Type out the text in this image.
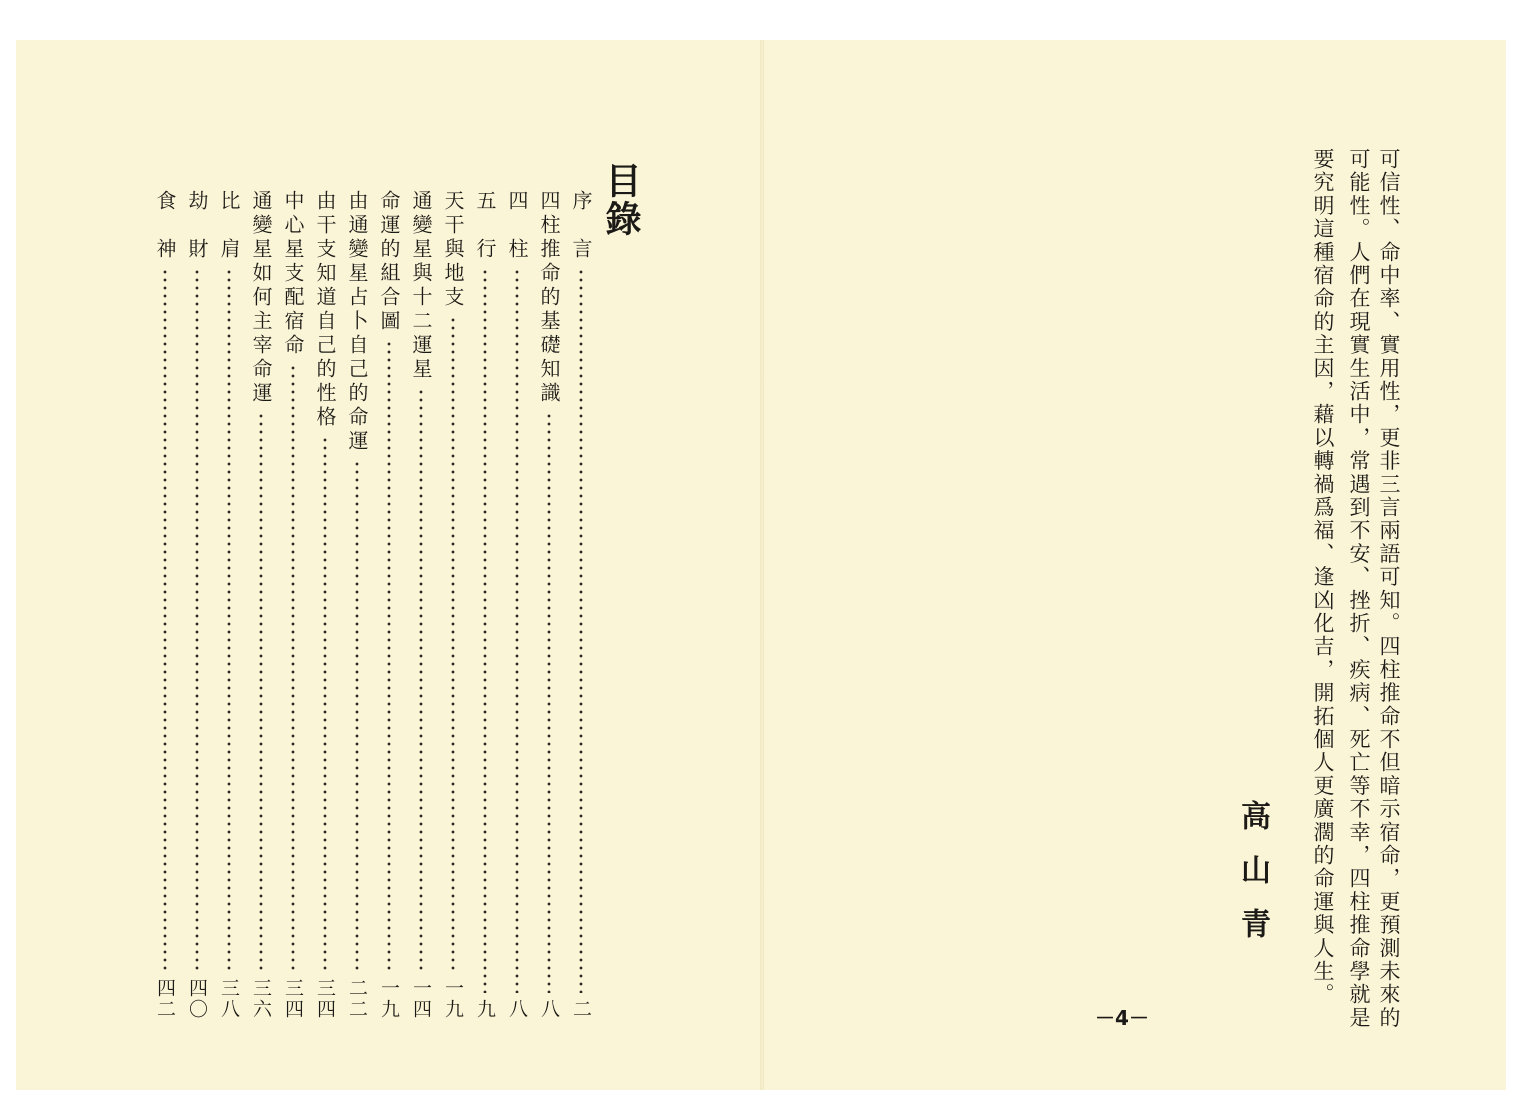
目錄
序　言
二
四柱推命的基礎知識
八
四　柱
八
五　行
九
天干與地支
一九
通變星與十二運星
一四
命運的組合圖
一九
由通變星占卜自己的命運
二二
由干支知道自己的性格
三四
中心星支配宿命
三四
通變星如何主宰命運
三六
比　肩
三八
劫　財
四〇
食　神
四二	可信性、命中率、實用性，更非三言兩語可知。四柱推命不但暗示宿命，更預測未來的
可能性。人們在現實生活中，常遇到不安、挫折、疾病、死亡等不幸，四柱推命學就是
要究明這種宿命的主因，藉以轉禍爲福、逢凶化吉，開拓個人更廣濶的命運與人生。
高山青
－4－
